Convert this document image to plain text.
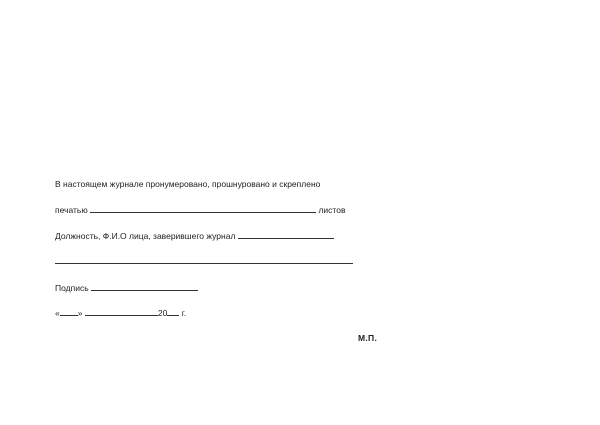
В настоящем журнале пронумеровано, прошнуровано и скреплено
печатью	листов
Должность, Ф.И.О лица, заверившего журнал
Подпись
« »	20 г.
М.П.
